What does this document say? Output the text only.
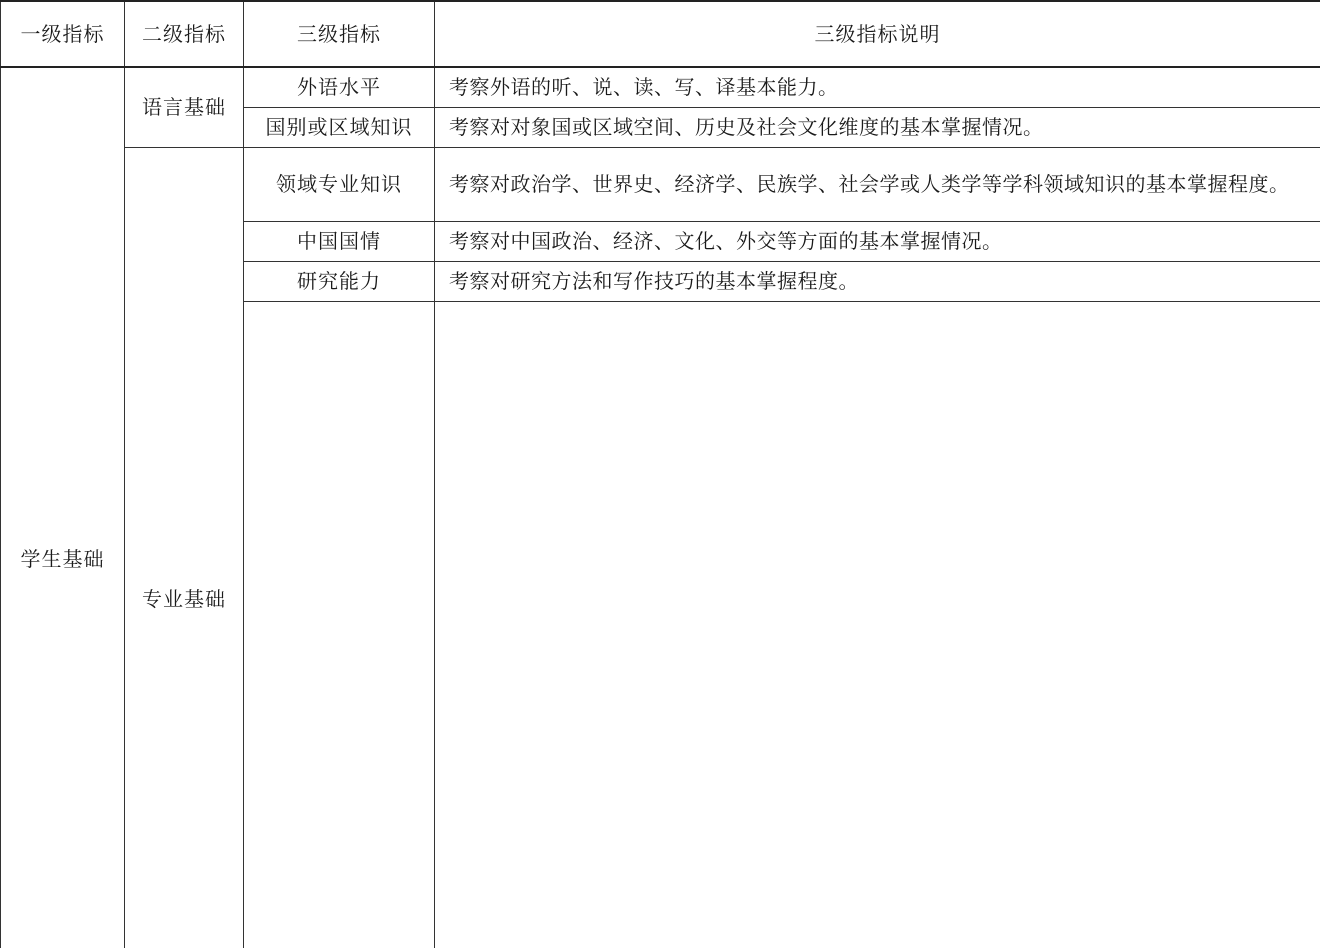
一级指标	二级指标	三级指标	三级指标说明	
学生基础	语言基础	外语水平	考察外语的听、说、读、写、译基本能力。	
		国别或区域知识	考察对对象国或区域空间、历史及社会文化维度的基本掌握情况。	
	专业基础	领域专业知识	考察对政治学、世界史、经济学、民族学、社会学或人类学等学科领域知识的基本掌握程度。	
		中国国情	考察对中国政治、经济、文化、外交等方面的基本掌握情况。	
		研究能力	考察对研究方法和写作技巧的基本掌握程度。	
